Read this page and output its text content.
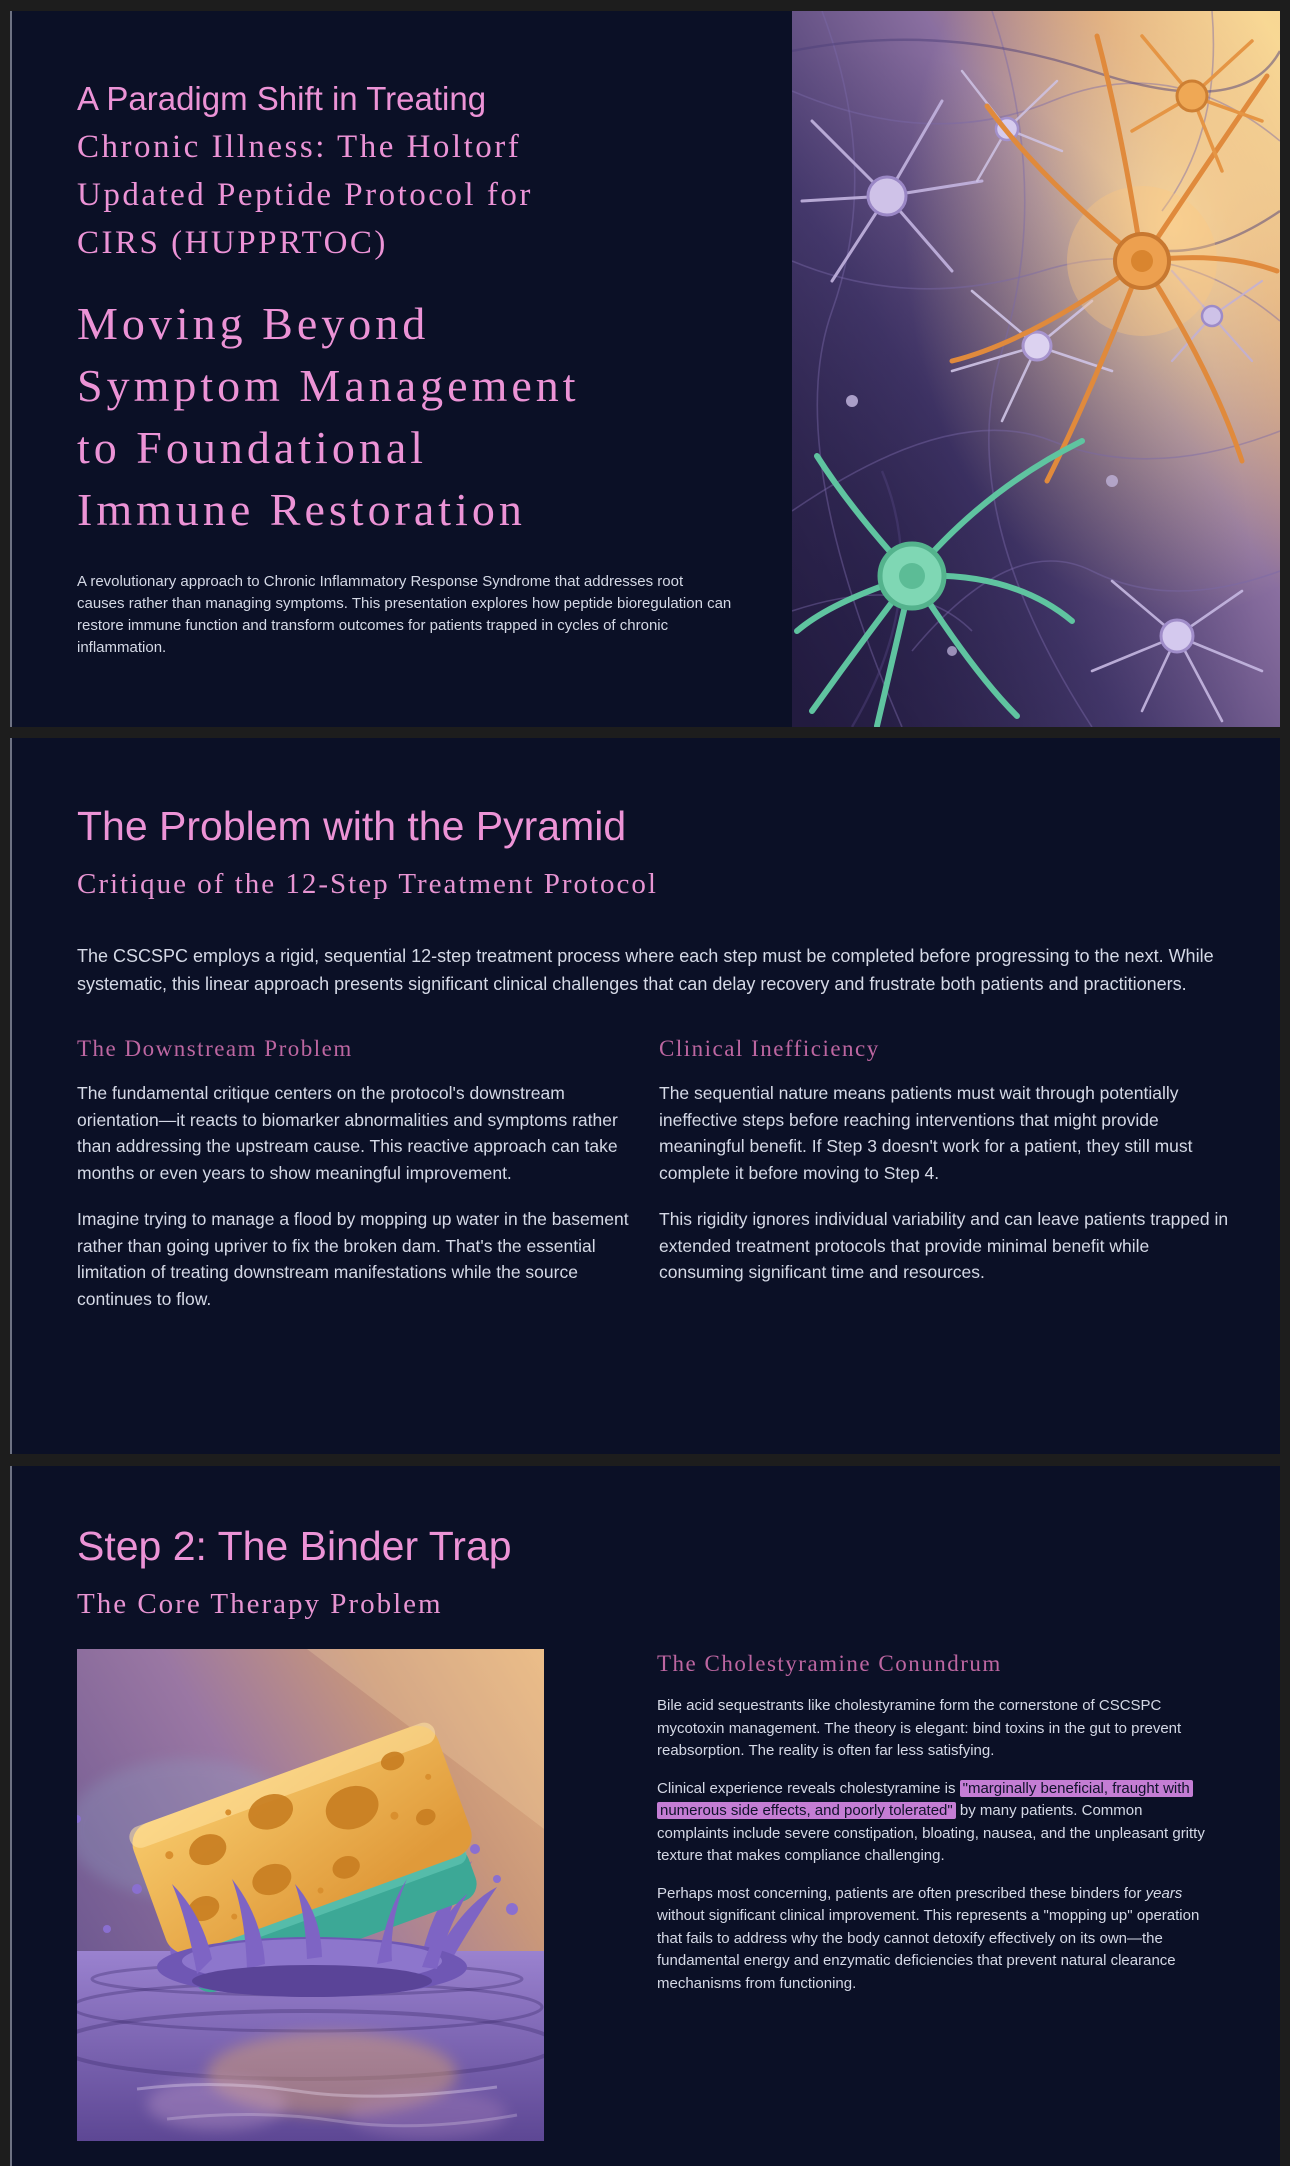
A Paradigm Shift in Treating
Chronic Illness: The Holtorf
Updated Peptide Protocol for
CIRS (HUPPRTOC)
Moving Beyond
Symptom Management
to Foundational
Immune Restoration
A revolutionary approach to Chronic Inflammatory Response Syndrome that addresses root causes rather than managing symptoms. This presentation explores how peptide bioregulation can restore immune function and transform outcomes for patients trapped in cycles of chronic inflammation.
The Problem with the Pyramid
Critique of the 12-Step Treatment Protocol
The CSCSPC employs a rigid, sequential 12-step treatment process where each step must be completed before progressing to the next. While systematic, this linear approach presents significant clinical challenges that can delay recovery and frustrate both patients and practitioners.
The Downstream Problem

The fundamental critique centers on the protocol's downstream orientation—it reacts to biomarker abnormalities and symptoms rather than addressing the upstream cause. This reactive approach can take months or even years to show meaningful improvement.

Imagine trying to manage a flood by mopping up water in the basement rather than going upriver to fix the broken dam. That's the essential limitation of treating downstream manifestations while the source continues to flow.

Clinical Inefficiency

The sequential nature means patients must wait through potentially ineffective steps before reaching interventions that might provide meaningful benefit. If Step 3 doesn't work for a patient, they still must complete it before moving to Step 4.

This rigidity ignores individual variability and can leave patients trapped in extended treatment protocols that provide minimal benefit while consuming significant time and resources.

Step 2: The Binder Trap
The Core Therapy Problem
The Cholestyramine Conundrum

Bile acid sequestrants like cholestyramine form the cornerstone of CSCSPC mycotoxin management. The theory is elegant: bind toxins in the gut to prevent reabsorption. The reality is often far less satisfying.

Clinical experience reveals cholestyramine is "marginally beneficial, fraught with numerous side effects, and poorly tolerated" by many patients. Common complaints include severe constipation, bloating, nausea, and the unpleasant gritty texture that makes compliance challenging.

Perhaps most concerning, patients are often prescribed these binders for years without significant clinical improvement. This represents a "mopping up" operation that fails to address why the body cannot detoxify effectively on its own—the fundamental energy and enzymatic deficiencies that prevent natural clearance mechanisms from functioning.
